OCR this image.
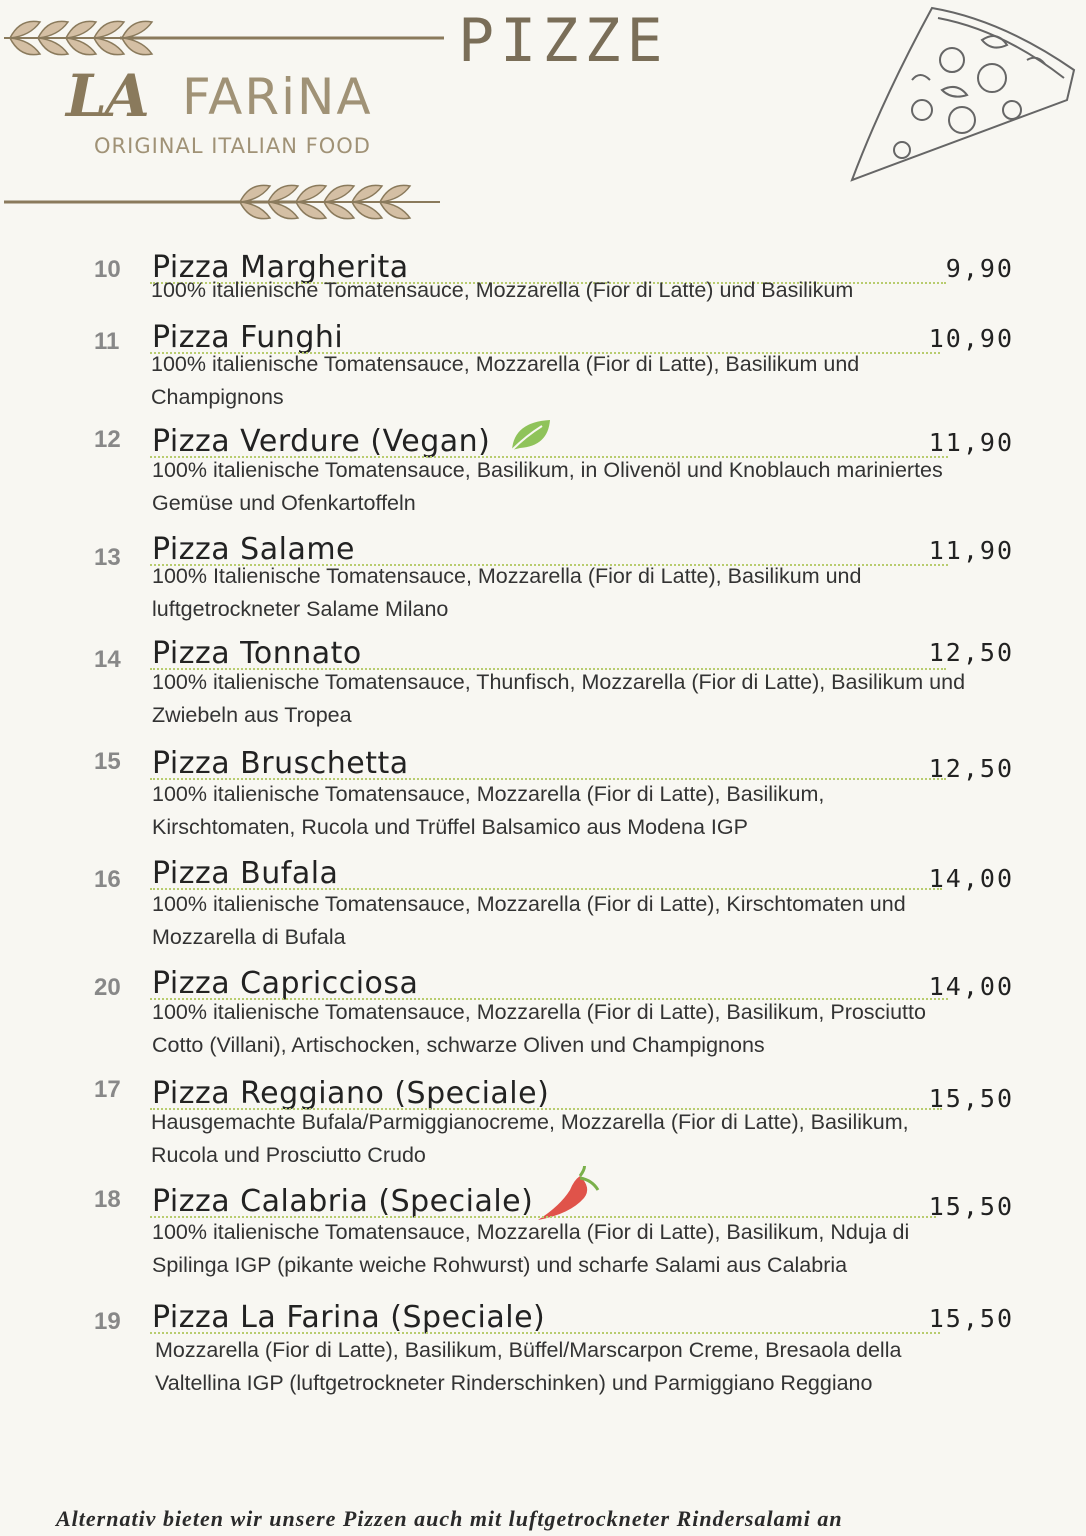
LA FARiNA
ORIGINAL ITALIAN FOOD
PIZZE
10 Pizza Margherita	9,90
100% italienische Tomatensauce, Mozzarella (Fior di Latte) und Basilikum
11 Pizza Funghi	10,90
100% italienische Tomatensauce, Mozzarella (Fior di Latte), Basilikum und Champignons
12 Pizza Verdure (Vegan)	11,90
100% italienische Tomatensauce, Basilikum, in Olivenöl und Knoblauch mariniertes Gemüse und Ofenkartoffeln
13 Pizza Salame	11,90
100% Italienische Tomatensauce, Mozzarella (Fior di Latte), Basilikum und luftgetrockneter Salame Milano
14 Pizza Tonnato	12,50
100% italienische Tomatensauce, Thunfisch, Mozzarella (Fior di Latte), Basilikum und Zwiebeln aus Tropea
15 Pizza Bruschetta	12,50
100% italienische Tomatensauce, Mozzarella (Fior di Latte), Basilikum, Kirschtomaten, Rucola und Trüffel Balsamico aus Modena IGP
16 Pizza Bufala	14,00
100% italienische Tomatensauce, Mozzarella (Fior di Latte), Kirschtomaten und Mozzarella di Bufala
20 Pizza Capricciosa	14,00
100% italienische Tomatensauce, Mozzarella (Fior di Latte), Basilikum, Prosciutto Cotto (Villani), Artischocken, schwarze Oliven und Champignons
17 Pizza Reggiano (Speciale)	15,50
Hausgemachte Bufala/Parmiggianocreme, Mozzarella (Fior di Latte), Basilikum, Rucola und Prosciutto Crudo
18 Pizza Calabria (Speciale)	15,50
100% italienische Tomatensauce, Mozzarella (Fior di Latte), Basilikum, Nduja di Spilinga IGP (pikante weiche Rohwurst) und scharfe Salami aus Calabria
19 Pizza La Farina (Speciale)	15,50
Mozzarella (Fior di Latte), Basilikum, Büffel/Marscarpon Creme, Bresaola della Valtellina IGP (luftgetrockneter Rinderschinken) und Parmiggiano Reggiano
Alternativ bieten wir unsere Pizzen auch mit luftgetrockneter Rindersalami an
